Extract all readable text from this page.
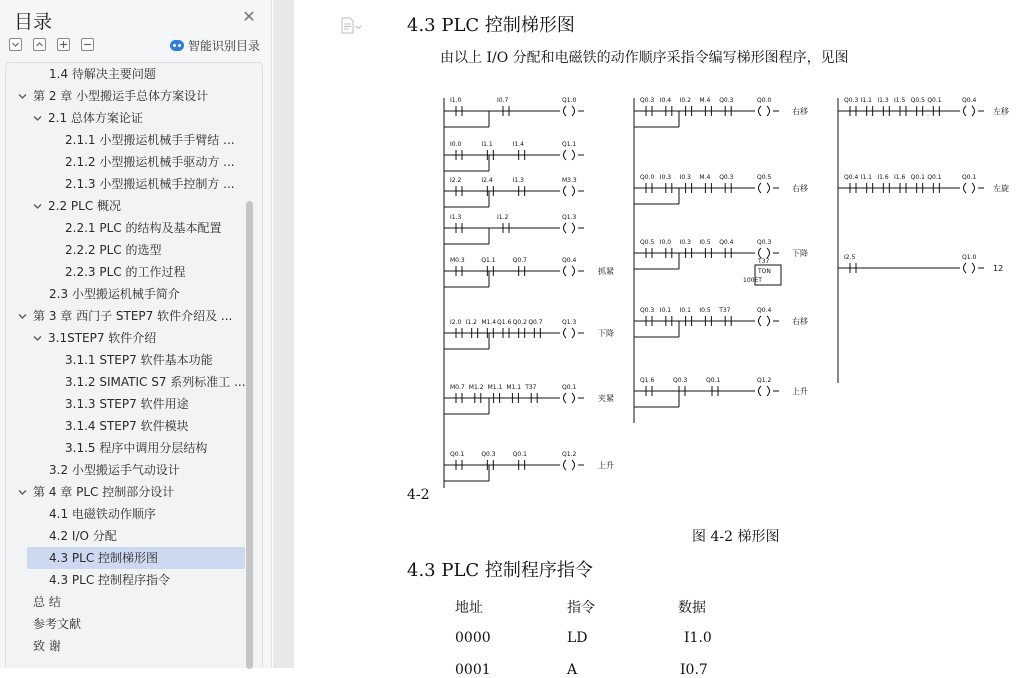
目录	✕
智能识别目录
1.4 待解决主要问题
第 2 章 小型搬运手总体方案设计
2.1 总体方案论证
2.1.1 小型搬运机械手手臂结 ...
2.1.2 小型搬运机械手驱动方 ...
2.1.3 小型搬运机械手控制方 ...
2.2 PLC 概况
2.2.1 PLC 的结构及基本配置
2.2.2 PLC 的选型
2.2.3 PLC 的工作过程
2.3 小型搬运机械手简介
第 3 章 西门子 STEP7 软件介绍及 ...
3.1STEP7 软件介绍
3.1.1 STEP7 软件基本功能
3.1.2 SIMATIC S7 系列标准工 ...
3.1.3 STEP7 软件用途
3.1.4 STEP7 软件模块
3.1.5 程序中调用分层结构
3.2 小型搬运手气动设计
第 4 章 PLC 控制部分设计
4.1 电磁铁动作顺序
4.2 I/O 分配
4.3 PLC 控制梯形图
4.3 PLC 控制程序指令
总 结
参考文献
致 谢
4.3 PLC 控制梯形图
由以上 I/O 分配和电磁铁的动作顺序采指令编写梯形图程序，见图
I1.0	I0.7	Q1.0
I0.0	I1.1	I1.4	Q1.1
I2.2	I2.4	I1.3	M3.3
I1.3	I1.2	Q1.3
M0.3	Q1.1	Q0.7	Q0.4
抓紧
I2.0 I1.2 M1.4 Q1.6 Q0.2 Q0.7	Q1.3
下降
M0.7 M1.2 M1.1 M1.1 T37	Q0.1
夹紧
Q0.1	Q0.3	Q0.1	Q1.2
上升
Q0.3 I0.4 I0.2 M.4 Q0.3	Q0.0
右移
Q0.0 I0.3 I0.3 M.4 Q0.3	Q0.5
右移
Q0.5 I0.0 I0.3 I0.5 Q0.4	Q0.3
下降
Q0.3 I0.1 I0.1 I0.5 T37	Q0.4
右移
Q1.6	Q0.3	Q0.1	Q1.2
上升
Q0.3 I1.1 I1.3 I1.5 Q0.5 Q0.1	Q0.4
左移
Q0.4 I1.1 I1.6 I1.6 Q0.1 Q0.1	Q0.1
左旋
I2.5	Q1.0
12
T37
TON
100ET
4-2
图 4-2 梯形图
4.3 PLC 控制程序指令
地址	指令	数据
0000	LD	I1.0
0001	A	I0.7
